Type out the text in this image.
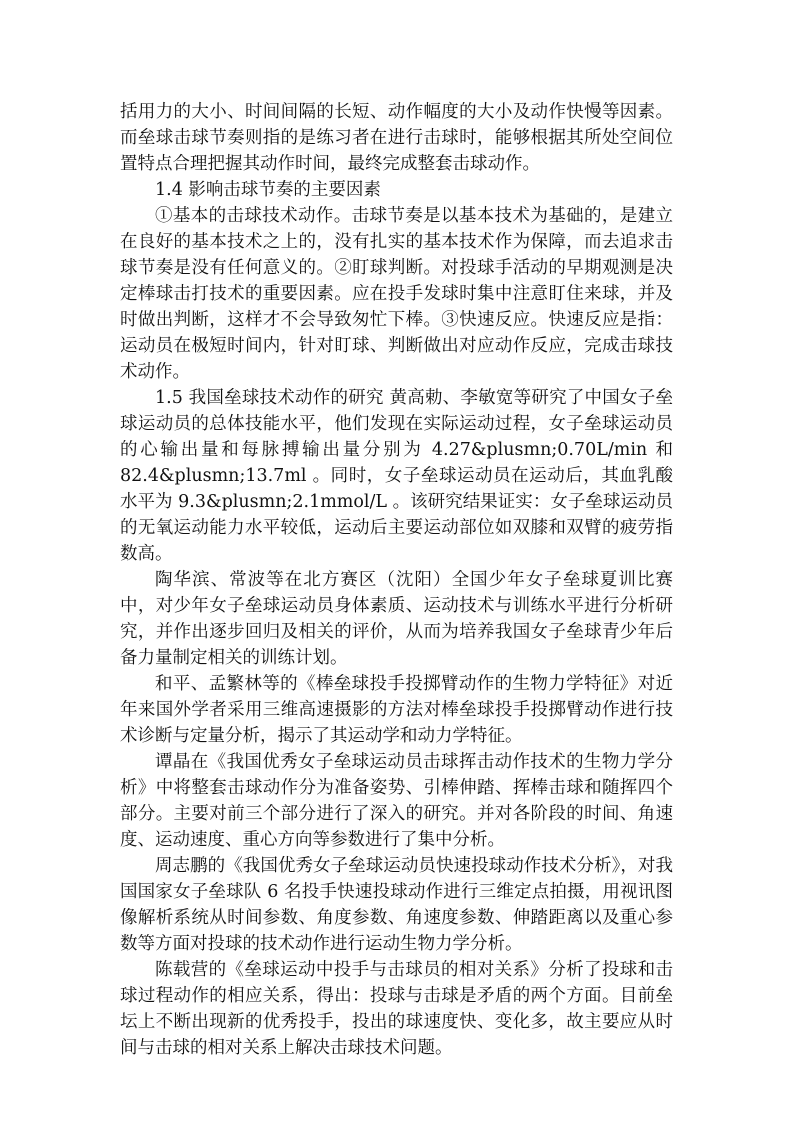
括用力的大小、时间间隔的长短、动作幅度的大小及动作快慢等因素。而垒球击球节奏则指的是练习者在进行击球时，能够根据其所处空间位置特点合理把握其动作时间，最终完成整套击球动作。

1.4 影响击球节奏的主要因素

①基本的击球技术动作。击球节奏是以基本技术为基础的，是建立在良好的基本技术之上的，没有扎实的基本技术作为保障，而去追求击球节奏是没有任何意义的。②盯球判断。对投球手活动的早期观测是决定棒球击打技术的重要因素。应在投手发球时集中注意盯住来球，并及时做出判断，这样才不会导致匆忙下棒。③快速反应。快速反应是指：运动员在极短时间内，针对盯球、判断做出对应动作反应，完成击球技术动作。

1.5 我国垒球技术动作的研究 黄高勅、李敏宽等研究了中国女子垒球运动员的总体技能水平，他们发现在实际运动过程，女子垒球运动员的心输出量和每脉搏输出量分别为 4.27&plusmn;0.70L/min 和 82.4&plusmn;13.7ml 。同时，女子垒球运动员在运动后，其血乳酸水平为 9.3&plusmn;2.1mmol/L 。该研究结果证实：女子垒球运动员的无氧运动能力水平较低，运动后主要运动部位如双膝和双臂的疲劳指数高。

陶华滨、常波等在北方赛区（沈阳）全国少年女子垒球夏训比赛中，对少年女子垒球运动员身体素质、运动技术与训练水平进行分析研究，并作出逐步回归及相关的评价，从而为培养我国女子垒球青少年后备力量制定相关的训练计划。

和平、孟繁林等的《棒垒球投手投掷臂动作的生物力学特征》对近年来国外学者采用三维高速摄影的方法对棒垒球投手投掷臂动作进行技术诊断与定量分析，揭示了其运动学和动力学特征。

谭晶在《我国优秀女子垒球运动员击球挥击动作技术的生物力学分析》中将整套击球动作分为准备姿势、引棒伸踏、挥棒击球和随挥四个部分。主要对前三个部分进行了深入的研究。并对各阶段的时间、角速度、运动速度、重心方向等参数进行了集中分析。

周志鹏的《我国优秀女子垒球运动员快速投球动作技术分析》，对我国国家女子垒球队 6 名投手快速投球动作进行三维定点拍摄，用视讯图像解析系统从时间参数、角度参数、角速度参数、伸踏距离以及重心参数等方面对投球的技术动作进行运动生物力学分析。

陈载营的《垒球运动中投手与击球员的相对关系》分析了投球和击球过程动作的相应关系，得出：投球与击球是矛盾的两个方面。目前垒坛上不断出现新的优秀投手，投出的球速度快、变化多，故主要应从时间与击球的相对关系上解决击球技术问题。
